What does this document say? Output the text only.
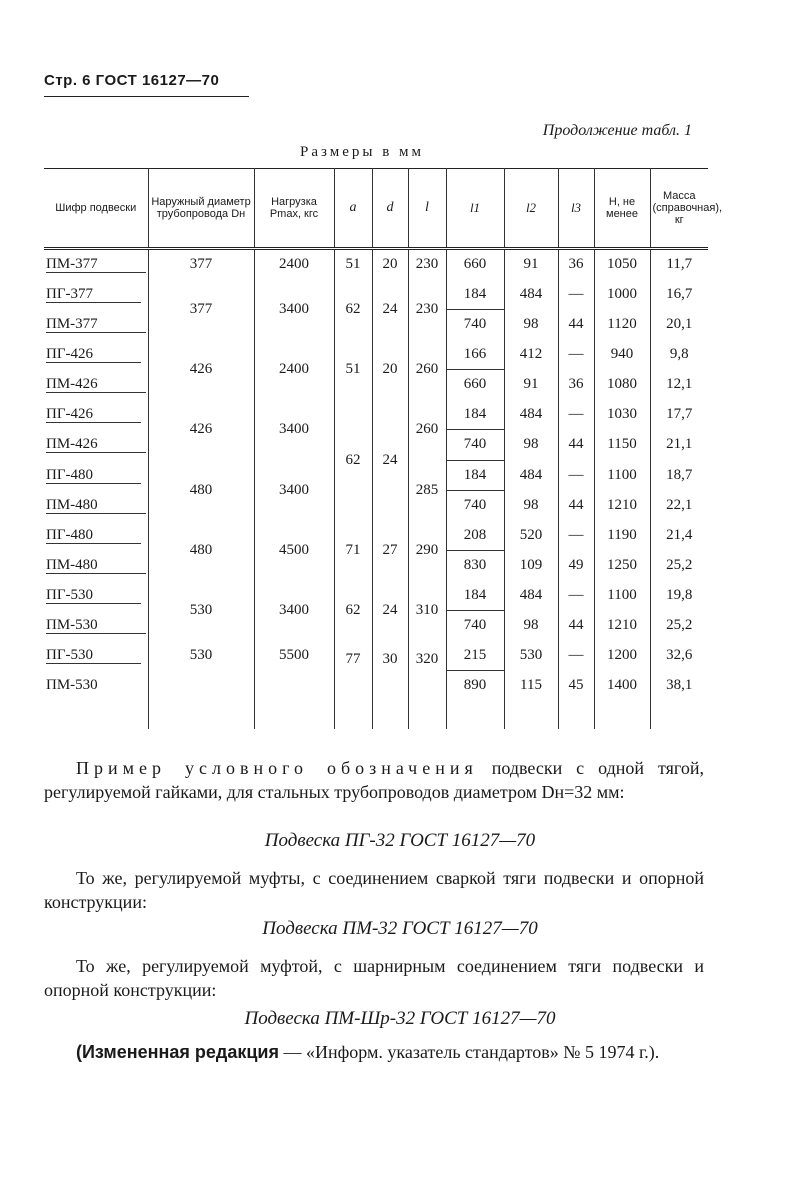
Стр. 6 ГОСТ 16127—70
Продолжение табл. 1
Размеры в мм
Шифр подвески	Наружный диаметр трубопровода Dн	Нагрузка Pmax, кгс	a	d	l	l1	l2	l3	H, не менее	Масса (справочная), кг
ПМ-377	377	2400	51	20	230	660	91	36	1050	11,7
ПГ-377	377	3400	62	24	230	184	484	—	1000	16,7
ПМ-377						740	98	44	1120	20,1
ПГ-426	426	2400	51	20	260	166	412	—	940	9,8
ПМ-426						660	91	36	1080	12,1
ПГ-426	426	3400	62	24	260	184	484	—	1030	17,7
ПМ-426						740	98	44	1150	21,1
ПГ-480	480	3400			285	184	484	—	1100	18,7
ПМ-480						740	98	44	1210	22,1
ПГ-480	480	4500	71	27	290	208	520	—	1190	21,4
ПМ-480						830	109	49	1250	25,2
ПГ-530	530	3400	62	24	310	184	484	—	1100	19,8
ПМ-530						740	98	44	1210	25,2
ПГ-530	530	5500	77	30	320	215	530	—	1200	32,6
ПМ-530						890	115	45	1400	38,1

Пример условного обозначения подвески с одной тягой, регулируемой гайками, для стальных трубопроводов диаметром Dн=32 мм:

Подвеска ПГ-32 ГОСТ 16127—70

То же, регулируемой муфты, с соединением сваркой тяги подвески и опорной конструкции:

Подвеска ПМ-32 ГОСТ 16127—70

То же, регулируемой муфтой, с шарнирным соединением тяги подвески и опорной конструкции:

Подвеска ПМ-Шр-32 ГОСТ 16127—70

(Измененная редакция — «Информ. указатель стандартов» № 5 1974 г.).
